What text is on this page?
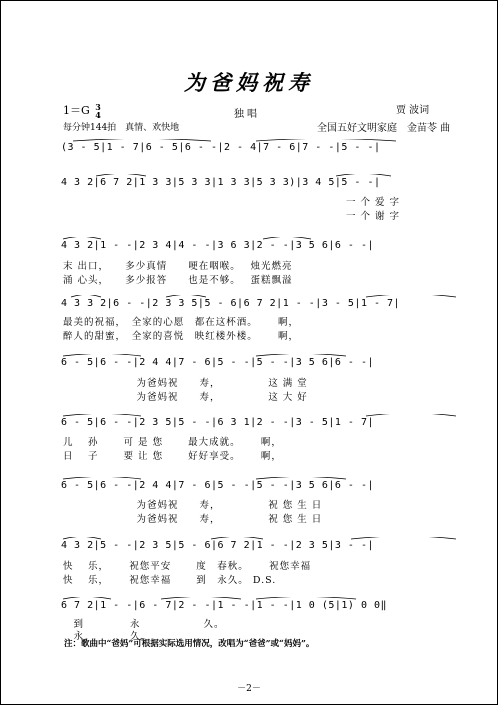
为爸妈祝寿
1＝G 3
4	独唱	贾 波词
每分钟144拍　真情、欢快地	全国五好文明家庭　金苗苓 曲
(3 - 5|1 - 7|6 - 5|6 - -|2 - 4|7 - 6|7 - -|5 - -|
4 3 2|6 7 2|1 3 3|5 3 3|1 3 3|5 3 3)|3 4 5|5 - -|
一 个 爱 字
一 个 谢 字
4 3 2|1 - -|2 3 4|4 - -|3 6 3|2 - -|3 5 6|6 - -|
末 出口，　　多少真情　　哽在咽喉。　 烛光燃亮
涌 心头，　　多少报答　　也是不够。　 蛋糕飘溢
4 3 3 2|6 - -|2 3 3 5|5 - 6|6 7 2|1 - -|3 - 5|1 - 7|
最美的祝福，　全家的心愿　都在这杯酒。　　 啊，
醉人的甜蜜，　全家的喜悦　映红楼外楼。　　 啊，
6 - 5|6 - -|2 4 4|7 - 6|5 - -|5 - -|3 5 6|6 - -|
　　　　　　　为爸妈祝　　寿，　　　　　这 满 堂
　　　　　　　为爸妈祝　　寿，　　　　　这 大 好
6 - 5|6 - -|2 3 5|5 - -|6 3 1|2 - -|3 - 5|1 - 7|
儿　 孙　　 可 是 您　　 最大成就。　　 啊，
日　 子　　 要 让 您　　 好好享受。　　 啊，
6 - 5|6 - -|2 4 4|7 - 6|5 - -|5 - -|3 5 6|6 - -|
　　　　　　　为爸妈祝　　寿，　　　　　祝 您 生 日
　　　　　　　为爸妈祝　　寿，　　　　　祝 您 生 日
4 3 2|5 - -|2 3 5|5 - 6|6 7 2|1 - -|2 3 5|3 - -|
快　 乐，　　 祝您平安　　 度　春秋。　　 祝您幸福
快　 乐，　　 祝您幸福　　 到　永久。 D.S.
6 7 2|1 - -|6 - 7|2 - -|1 - -|1 - -|1 0 (5|1) 0 0‖
　到　　　　 永　　　　　　久。
　永　　　　 久，
注：歌曲中“爸妈”可根据实际选用情况，改唱为“爸爸”或“妈妈”。
－2－
